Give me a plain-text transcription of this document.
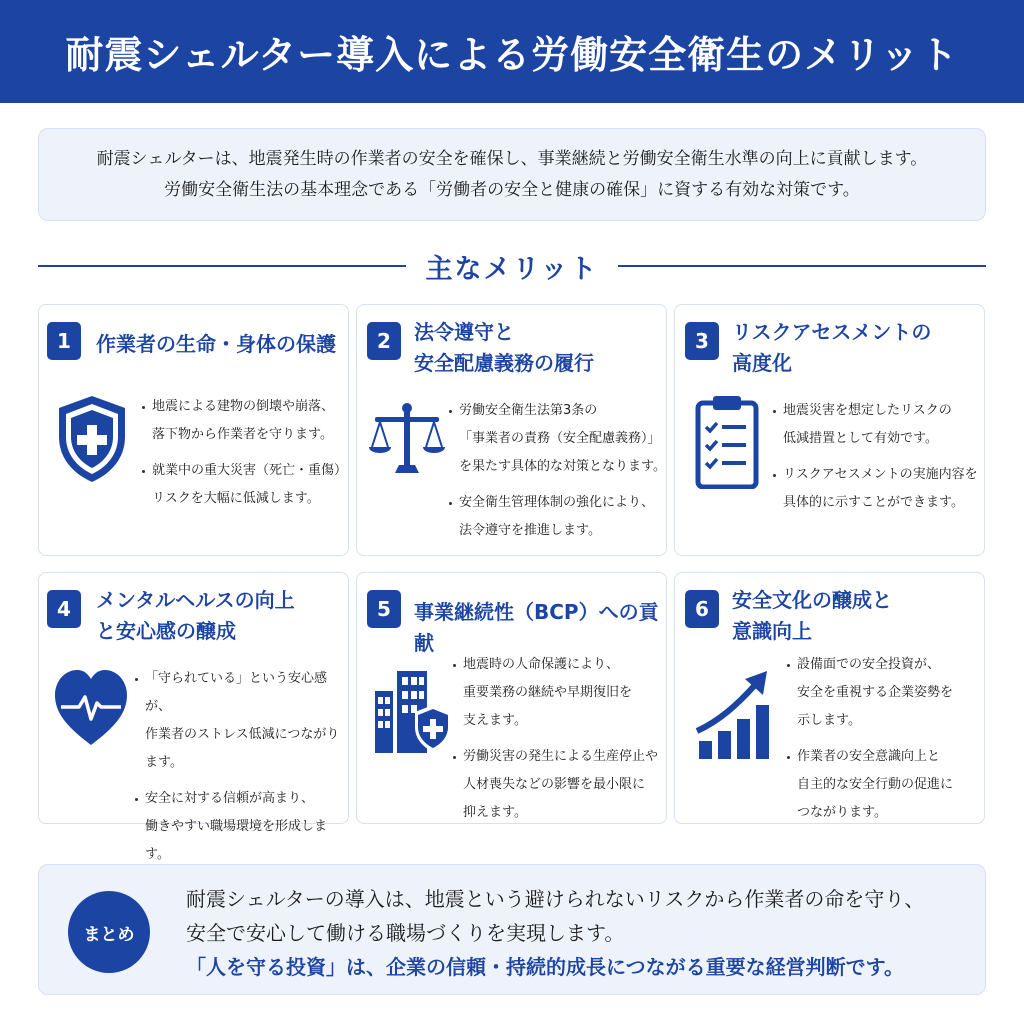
耐震シェルター導入による労働安全衛生のメリット

耐震シェルターは、地震発生時の作業者の安全を確保し、事業継続と労働安全衛生水準の向上に貢献します。

労働安全衛生法の基本理念である「労働者の安全と健康の確保」に資する有効な対策です。

主なメリット
1	作業者の生命・身体の保護
地震による建物の倒壊や崩落、
落下物から作業者を守ります。
就業中の重大災害（死亡・重傷）
リスクを大幅に低減します。
2	法令遵守と
安全配慮義務の履行
労働安全衛生法第3条の
「事業者の責務（安全配慮義務）」
を果たす具体的な対策となります。
安全衛生管理体制の強化により、
法令遵守を推進します。
3	リスクアセスメントの
高度化
地震災害を想定したリスクの
低減措置として有効です。
リスクアセスメントの実施内容を
具体的に示すことができます。
4	メンタルヘルスの向上
と安心感の醸成
「守られている」という安心感が、
作業者のストレス低減につながります。
安全に対する信頼が高まり、
働きやすい職場環境を形成します。
5	事業継続性（BCP）への貢献
地震時の人命保護により、
重要業務の継続や早期復旧を
支えます。
労働災害の発生による生産停止や
人材喪失などの影響を最小限に
抑えます。
6	安全文化の醸成と
意識向上
設備面での安全投資が、
安全を重視する企業姿勢を
示します。
作業者の安全意識向上と
自主的な安全行動の促進に
つながります。
まとめ

耐震シェルターの導入は、地震という避けられないリスクから作業者の命を守り、

安全で安心して働ける職場づくりを実現します。

「人を守る投資」は、企業の信頼・持続的成長につながる重要な経営判断です。
